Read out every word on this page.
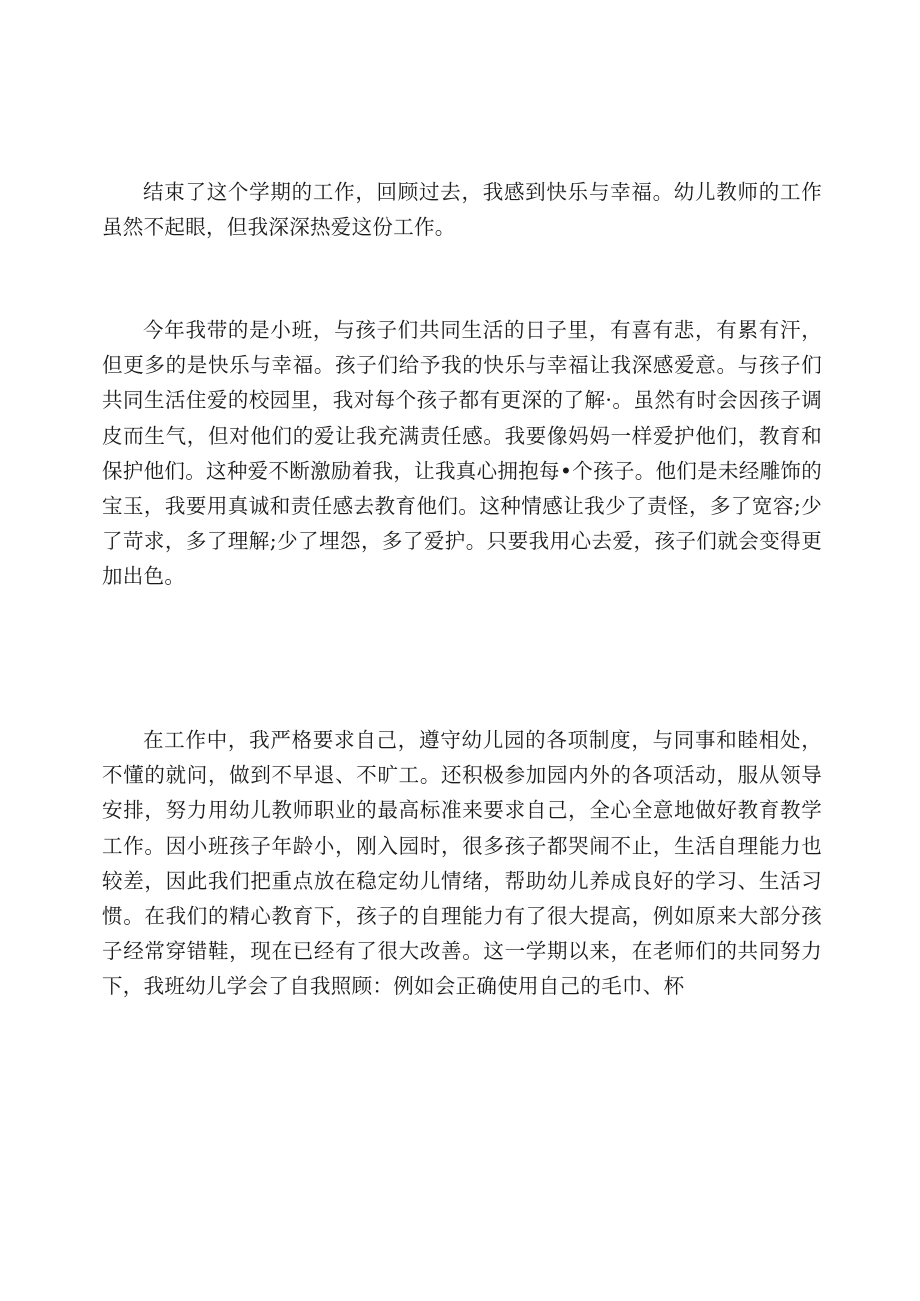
结束了这个学期的工作，回顾过去，我感到快乐与幸福。幼儿教师的工作虽然不起眼，但我深深热爱这份工作。

今年我带的是小班，与孩子们共同生活的日子里，有喜有悲，有累有汗，但更多的是快乐与幸福。孩子们给予我的快乐与幸福让我深感爱意。与孩子们共同生活住爱的校园里，我对每个孩子都有更深的了解·。虽然有时会因孩子调皮而生气，但对他们的爱让我充满责任感。我要像妈妈一样爱护他们，教育和保护他们。这种爱不断激励着我，让我真心拥抱每•个孩子。他们是未经雕饰的宝玉，我要用真诚和责任感去教育他们。这种情感让我少了责怪，多了宽容;少了苛求，多了理解;少了埋怨，多了爱护。只要我用心去爱，孩子们就会变得更加出色。

在工作中，我严格要求自己，遵守幼儿园的各项制度，与同事和睦相处，不懂的就问，做到不早退、不旷工。还积极参加园内外的各项活动，服从领导安排，努力用幼儿教师职业的最高标准来要求自己，全心全意地做好教育教学工作。因小班孩子年龄小，刚入园时，很多孩子都哭闹不止，生活自理能力也较差，因此我们把重点放在稳定幼儿情绪，帮助幼儿养成良好的学习、生活习惯。在我们的精心教育下，孩子的自理能力有了很大提高，例如原来大部分孩子经常穿错鞋，现在已经有了很大改善。这一学期以来，在老师们的共同努力下，我班幼儿学会了自我照顾：例如会正确使用自己的毛巾、杯
